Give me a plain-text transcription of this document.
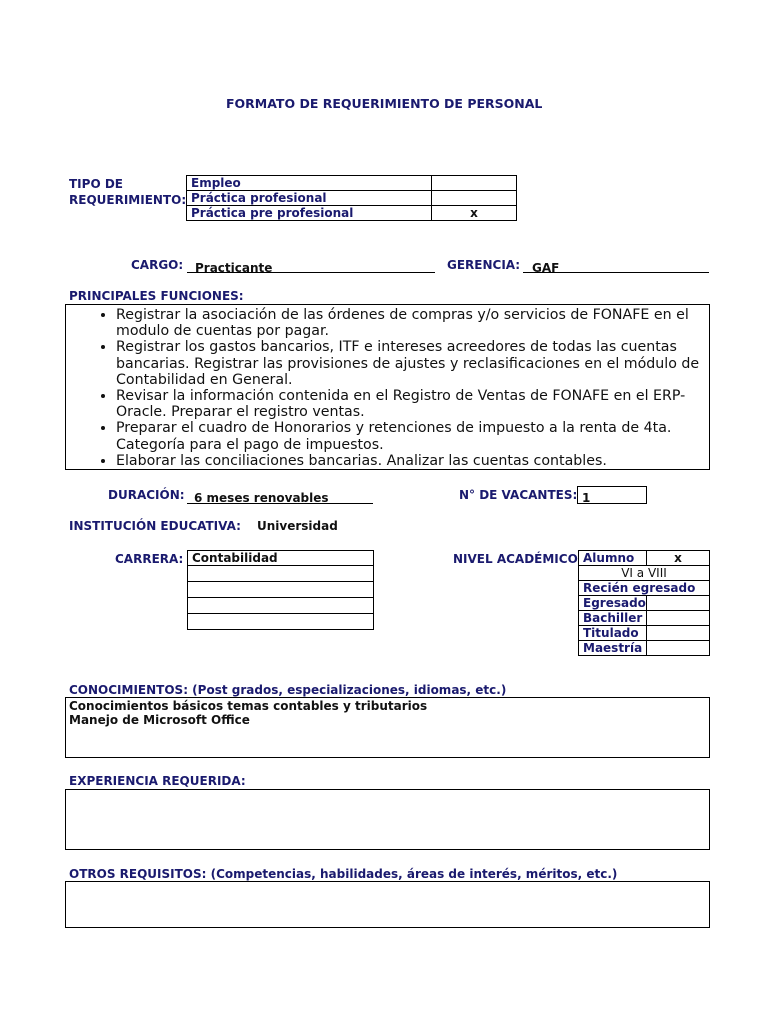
FORMATO DE REQUERIMIENTO DE PERSONAL
TIPO DE
REQUERIMIENTO:
Empleo	
Práctica profesional	
Práctica pre profesional	x
CARGO: Practicante	GERENCIA: GAF
PRINCIPALES FUNCIONES:
• Registrar la asociación de las órdenes de compras y/o servicios de FONAFE en el modulo de cuentas por pagar.
• Registrar los gastos bancarios, ITF e intereses acreedores de todas las cuentas bancarias. Registrar las provisiones de ajustes y reclasificaciones en el módulo de Contabilidad en General.
• Revisar la información contenida en el Registro de Ventas de FONAFE en el ERP-Oracle. Preparar el registro ventas.
• Preparar el cuadro de Honorarios y retenciones de impuesto a la renta de 4ta. Categoría para el pago de impuestos.
• Elaborar las conciliaciones bancarias. Analizar las cuentas contables.
DURACIÓN: 6 meses renovables	N° DE VACANTES: 1
INSTITUCIÓN EDUCATIVA: Universidad
CARRERA: Contabilidad	NIVEL ACADÉMICO Alumno	x
VI a VIII	
Recién egresado	
Egresado	
Bachiller	
Titulado	
Maestría	
CONOCIMIENTOS: (Post grados, especializaciones, idiomas, etc.)
Conocimientos básicos temas contables y tributarios
Manejo de Microsoft Office
EXPERIENCIA REQUERIDA:
OTROS REQUISITOS: (Competencias, habilidades, áreas de interés, méritos, etc.)
